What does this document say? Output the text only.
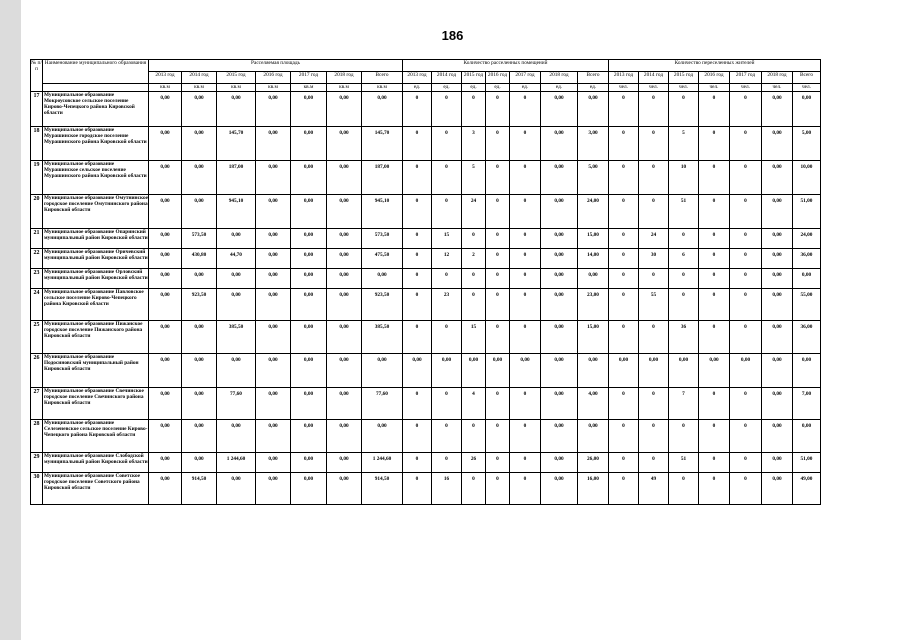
186
№ п/п	Наименование муниципального образования	Расселяемая площадь							Количество расселенных помещений							Количество переселенных жителей						
		2013 год	2014 год	2015 год	2016 год	2017 год	2018 год	Всего	2013 год	2014 год	2015 год	2016 год	2017 год	2018 год	Всего	2013 год	2014 год	2015 год	2016 год	2017 год	2018 год	Всего
		кв.м	кв.м	кв.м	кв.м	кв.м	кв.м	кв.м	ед.	ед.	ед.	ед.	ед.	ед.	ед.	чел.	чел.	чел.	чел.	чел.	чел.	чел.
17	Муниципальное образование Мокроусовское сельское поселение Кирово-Чепецкого района Кировской области	0,00	0,00	0,00	0,00	0,00	0,00	0,00	0	0	0	0	0	0,00	0,00	0	0	0	0	0	0,00	0,00
18	Муниципальное образование Мурашинское городское поселение Мурашинского района Кировской области	0,00	0,00	145,70	0,00	0,00	0,00	145,70	0	0	3	0	0	0,00	3,00	0	0	5	0	0	0,00	5,00
19	Муниципальное образование Мурашинское сельское поселение Мурашинского района Кировской области	0,00	0,00	187,00	0,00	0,00	0,00	187,00	0	0	5	0	0	0,00	5,00	0	0	10	0	0	0,00	10,00
20	Муниципальное образование Омутнинское городское поселение Омутнинского района Кировской области	0,00	0,00	945,10	0,00	0,00	0,00	945,10	0	0	24	0	0	0,00	24,00	0	0	51	0	0	0,00	51,00
21	Муниципальное образование Опаринский муниципальный район Кировской области	0,00	573,50	0,00	0,00	0,00	0,00	573,50	0	15	0	0	0	0,00	15,00	0	24	0	0	0	0,00	24,00
22	Муниципальное образование Оричевский муниципальный район Кировской области	0,00	430,80	44,70	0,00	0,00	0,00	475,50	0	12	2	0	0	0,00	14,00	0	30	6	0	0	0,00	36,00
23	Муниципальное образование Орловский муниципальный район Кировской области	0,00	0,00	0,00	0,00	0,00	0,00	0,00	0	0	0	0	0	0,00	0,00	0	0	0	0	0	0,00	0,00
24	Муниципальное образование Павловское сельское поселение Кирово-Чепецкого района Кировской области	0,00	923,50	0,00	0,00	0,00	0,00	923,50	0	23	0	0	0	0,00	23,00	0	55	0	0	0	0,00	55,00
25	Муниципальное образование Пижанское городское поселение Пижанского района Кировской области	0,00	0,00	385,50	0,00	0,00	0,00	385,50	0	0	15	0	0	0,00	15,00	0	0	36	0	0	0,00	36,00
26	Муниципальное образование Подосиновский муниципальный район Кировской области	0,00	0,00	0,00	0,00	0,00	0,00	0,00	0,00	0,00	0,00	0,00	0,00	0,00	0,00	0,00	0,00	0,00	0,00	0,00	0,00	0,00
27	Муниципальное образование Свечинское городское поселение Свечинского района Кировской области	0,00	0,00	77,60	0,00	0,00	0,00	77,60	0	0	4	0	0	0,00	4,00	0	0	7	0	0	0,00	7,00
28	Муниципальное образование Селезеневское сельское поселение Кирово-Чепецкого района Кировской области	0,00	0,00	0,00	0,00	0,00	0,00	0,00	0	0	0	0	0	0,00	0,00	0	0	0	0	0	0,00	0,00
29	Муниципальное образование Слободской муниципальный район Кировской области	0,00	0,00	1 244,60	0,00	0,00	0,00	1 244,60	0	0	26	0	0	0,00	26,00	0	0	51	0	0	0,00	51,00
30	Муниципальное образование Советское городское поселение Советского района Кировской области	0,00	914,50	0,00	0,00	0,00	0,00	914,50	0	16	0	0	0	0,00	16,00	0	49	0	0	0	0,00	49,00
